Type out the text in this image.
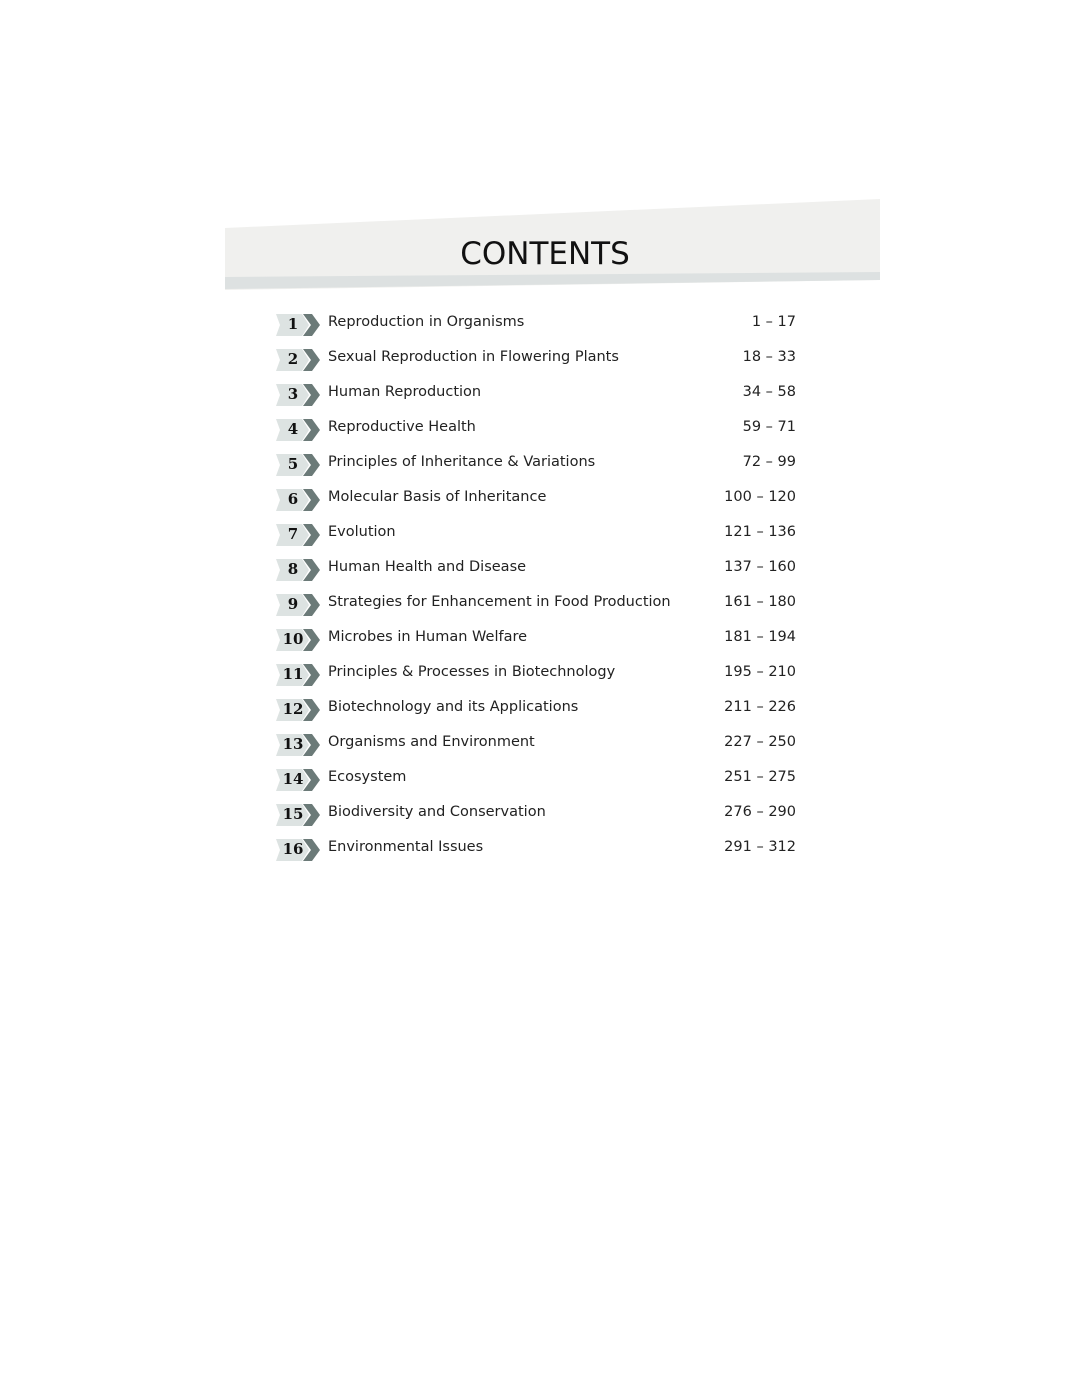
CONTENTS
1	Reproduction in Organisms	1 – 17
2	Sexual Reproduction in Flowering Plants	18 – 33
3	Human Reproduction	34 – 58
4	Reproductive Health	59 – 71
5	Principles of Inheritance & Variations	72 – 99
6	Molecular Basis of Inheritance	100 – 120
7	Evolution	121 – 136
8	Human Health and Disease	137 – 160
9	Strategies for Enhancement in Food Production	161 – 180
10	Microbes in Human Welfare	181 – 194
11	Principles & Processes in Biotechnology	195 – 210
12	Biotechnology and its Applications	211 – 226
13	Organisms and Environment	227 – 250
14	Ecosystem	251 – 275
15	Biodiversity and Conservation	276 – 290
16	Environmental Issues	291 – 312
